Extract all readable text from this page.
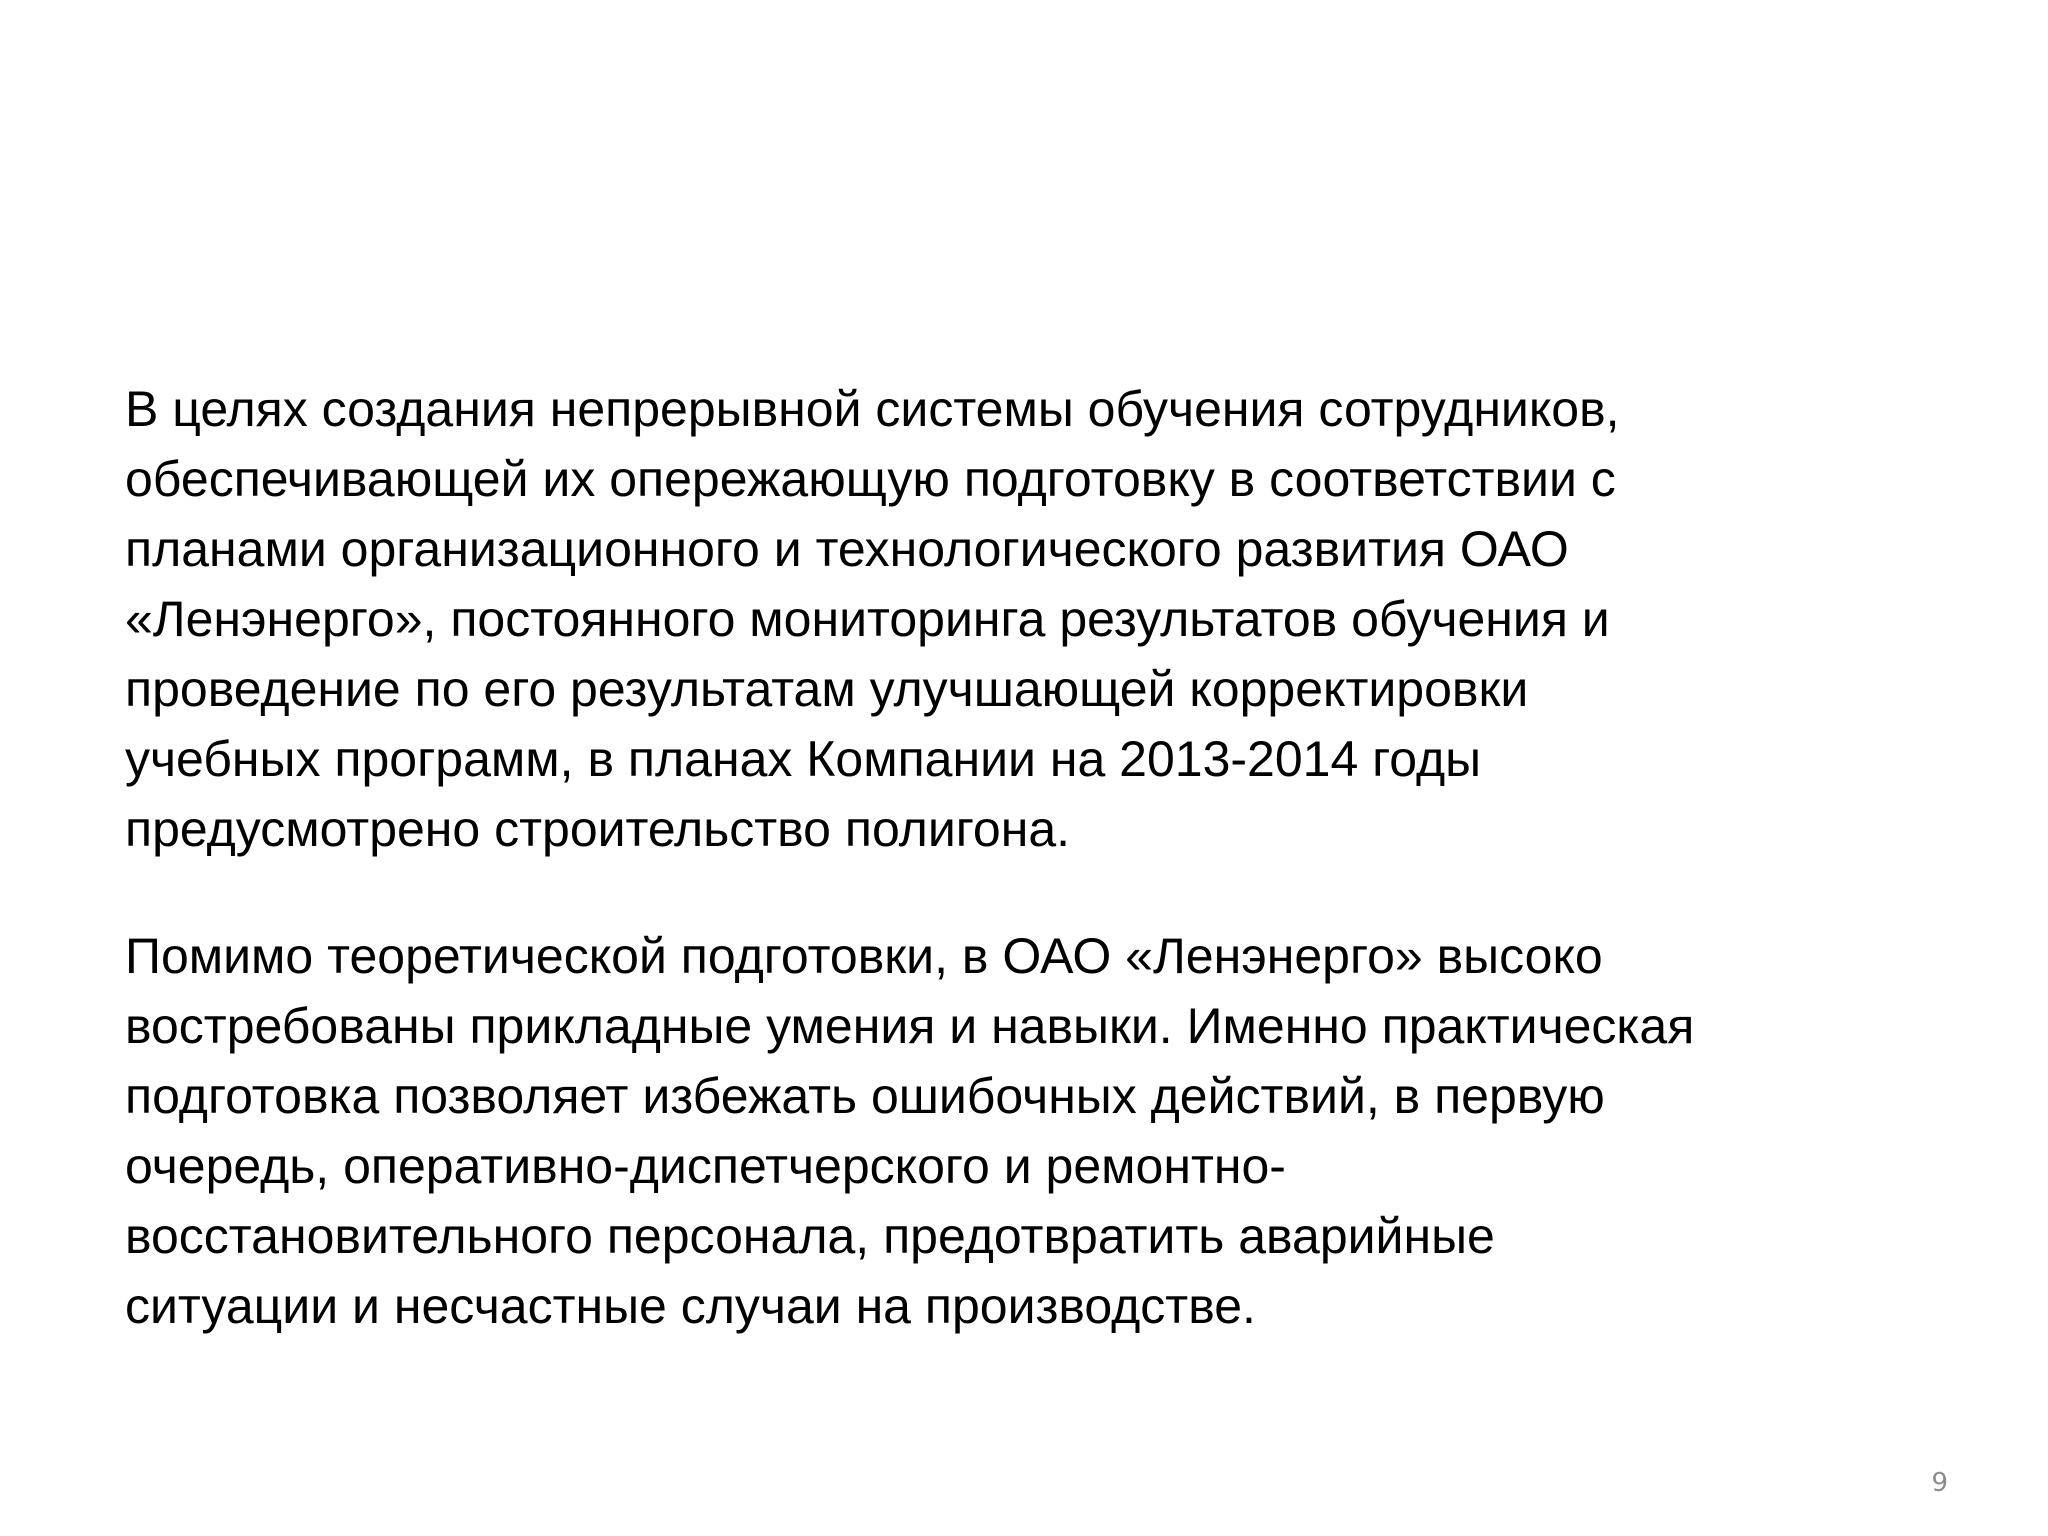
В целях создания непрерывной системы обучения сотрудников,
обеспечивающей их опережающую подготовку в соответствии с
планами организационного и технологического развития ОАО
«Ленэнерго», постоянного мониторинга результатов обучения и
проведение по его результатам улучшающей корректировки
учебных программ, в планах Компании на 2013-2014 годы
предусмотрено строительство полигона.

Помимо теоретической подготовки, в ОАО «Ленэнерго» высоко
востребованы прикладные умения и навыки. Именно практическая
подготовка позволяет избежать ошибочных действий, в первую
очередь, оперативно-диспетчерского и ремонтно-
восстановительного персонала, предотвратить аварийные
ситуации и несчастные случаи на производстве.

9
